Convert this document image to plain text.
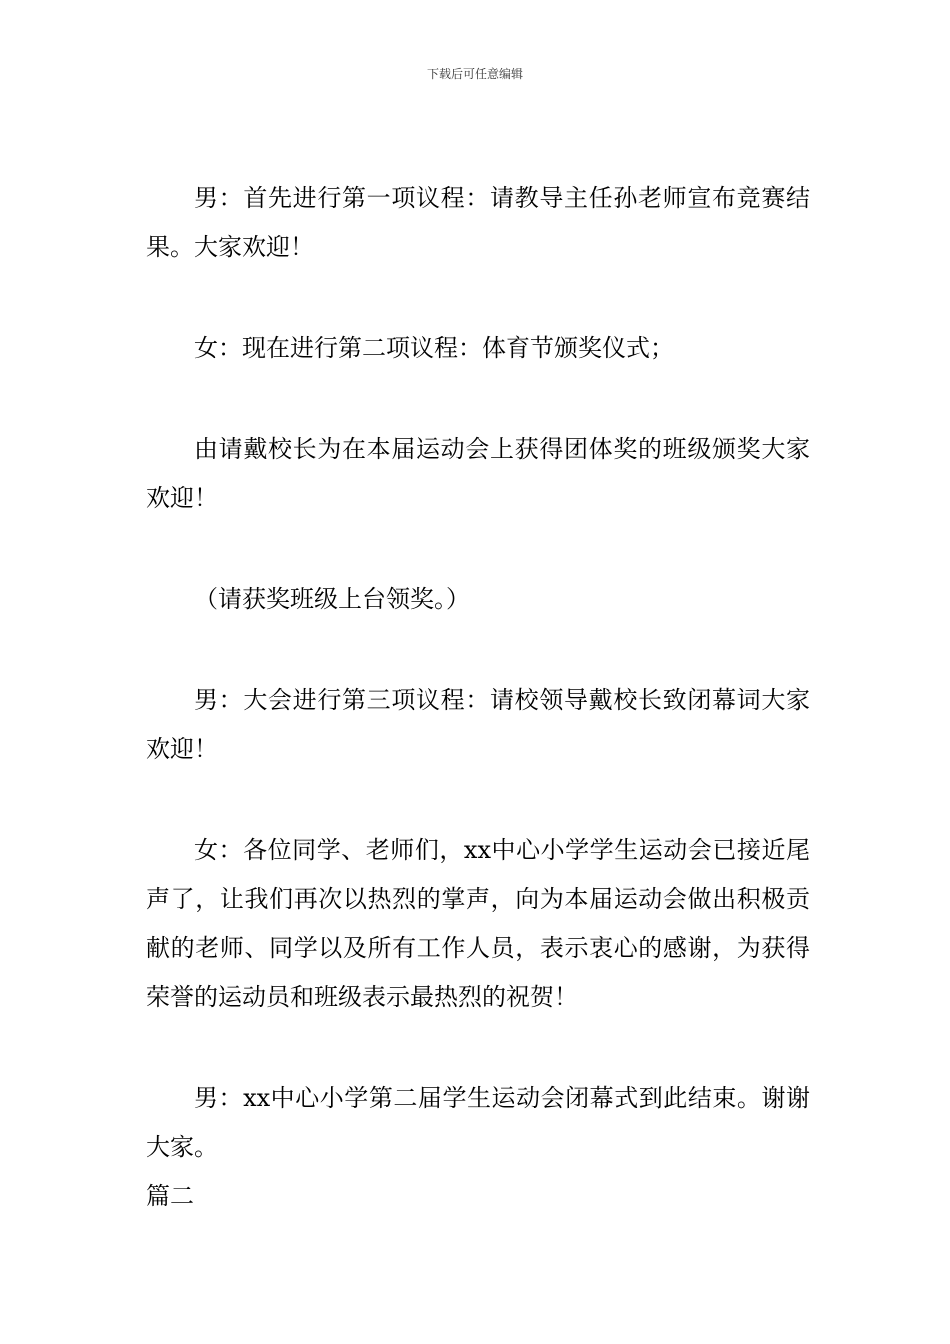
下载后可任意编辑

男：首先进行第一项议程：请教导主任孙老师宣布竞赛结果。大家欢迎！

女：现在进行第二项议程：体育节颁奖仪式；

由请戴校长为在本届运动会上获得团体奖的班级颁奖大家欢迎！

（请获奖班级上台领奖。）

男：大会进行第三项议程：请校领导戴校长致闭幕词大家欢迎！

女：各位同学、老师们，xx中心小学学生运动会已接近尾声了，让我们再次以热烈的掌声，向为本届运动会做出积极贡献的老师、同学以及所有工作人员，表示衷心的感谢，为获得荣誉的运动员和班级表示最热烈的祝贺！

男：xx中心小学第二届学生运动会闭幕式到此结束。谢谢大家。

篇二
